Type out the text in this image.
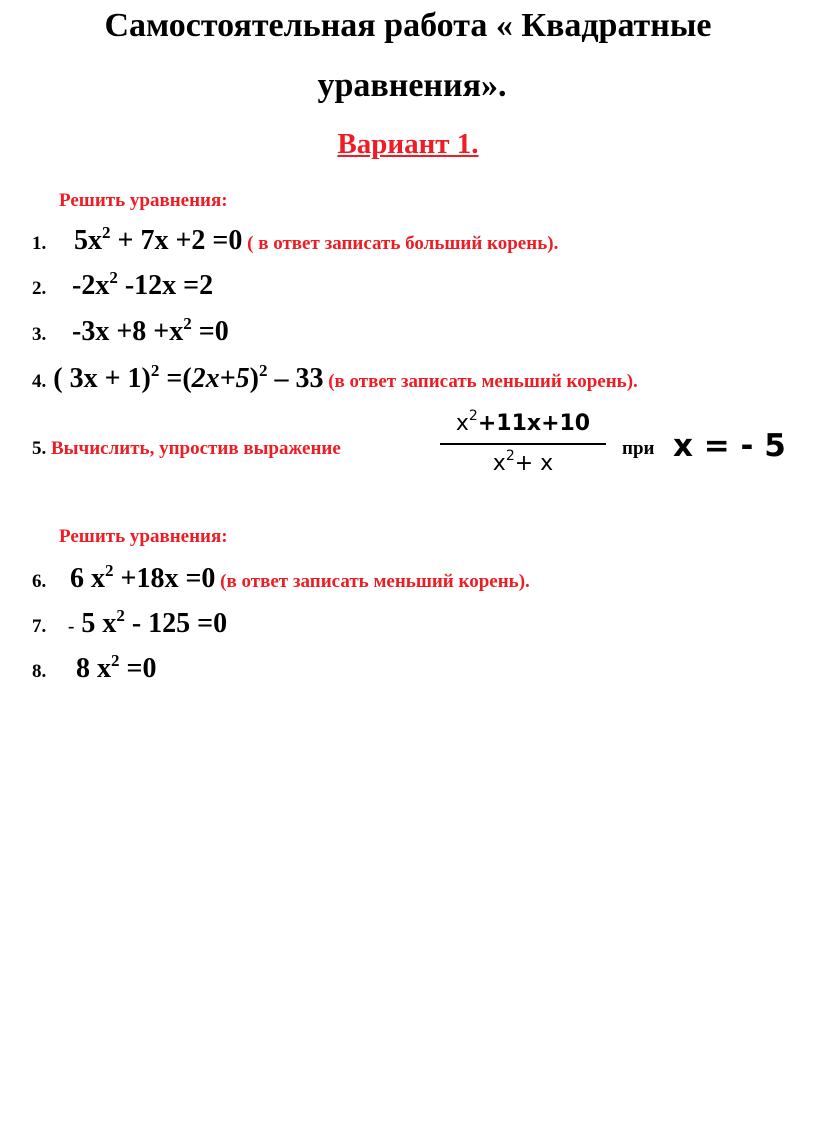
Самостоятельная работа « Квадратные
уравнения».
Вариант 1.
Решить уравнения:
1. $5x^2 + 7x +2 =0$ ( в ответ записать больший корень).
2. $-2x^2$ -12x =2
3. $-3x +8 +x^2 =0$
4. ( $3x + 1)^2 =(2x+5)^2 - 33$ (в ответ записать меньший корень).
5. Вычислить, упростив выражение
$x^2+11x+10$
$x^2+ x$
при x = - 5
Решить уравнения:
6. 6 $x^2 +18x =0$ (в ответ записать меньший корень).
7. - 5 $x^2 - 125 =0$
8. 8 $x^2 =0$
